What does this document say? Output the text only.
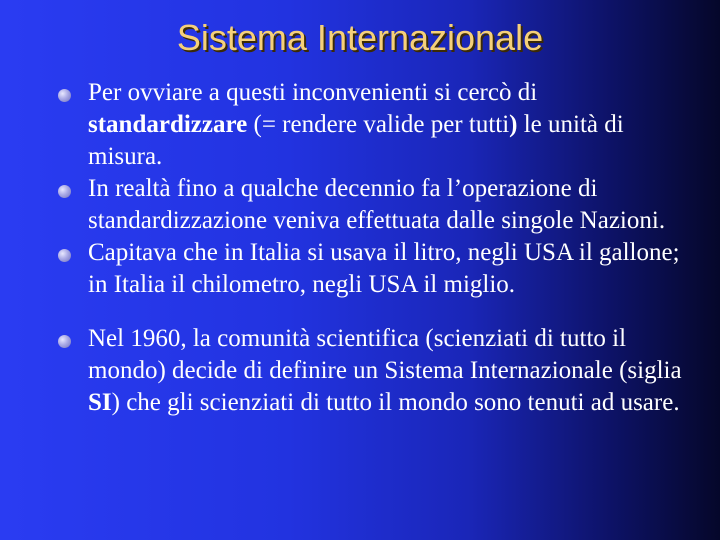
Sistema Internazionale
Per ovviare a questi inconvenienti si cercò di standardizzare (= rendere valide per tutti) le unità di misura.
In realtà fino a qualche decennio fa l’operazione di standardizzazione veniva effettuata dalle singole Nazioni.
Capitava che in Italia si usava il litro, negli USA il gallone; in Italia il chilometro, negli USA il miglio.
Nel 1960, la comunità scientifica (scienziati di tutto il mondo) decide di definire un Sistema Internazionale (siglia SI) che gli scienziati di tutto il mondo sono tenuti ad usare.
